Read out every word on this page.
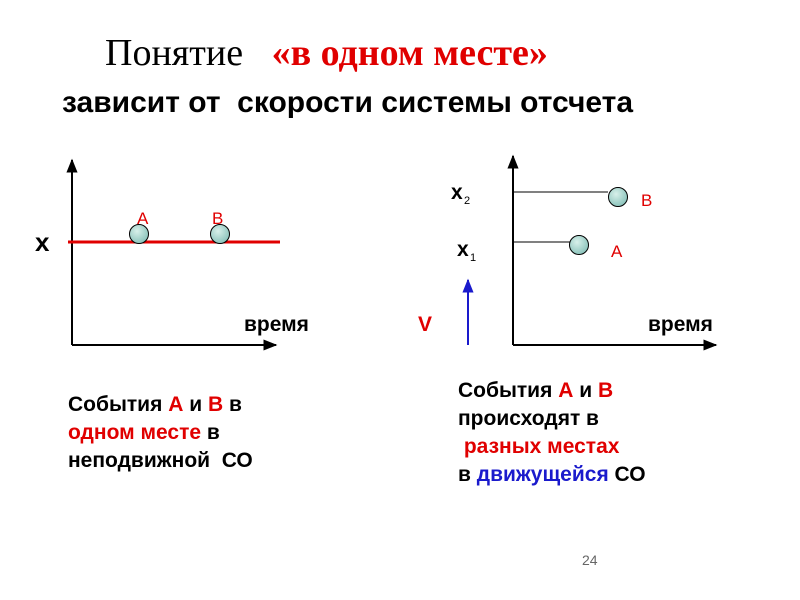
Понятие   «в одном месте»
зависит от  скорости системы отсчета
A	B
x
время
B
A
x 2
x 1
V	время
События А и В в
одном месте в
неподвижной  СО
События А и В
происходят в
разных местах
в движущейся СО
24
